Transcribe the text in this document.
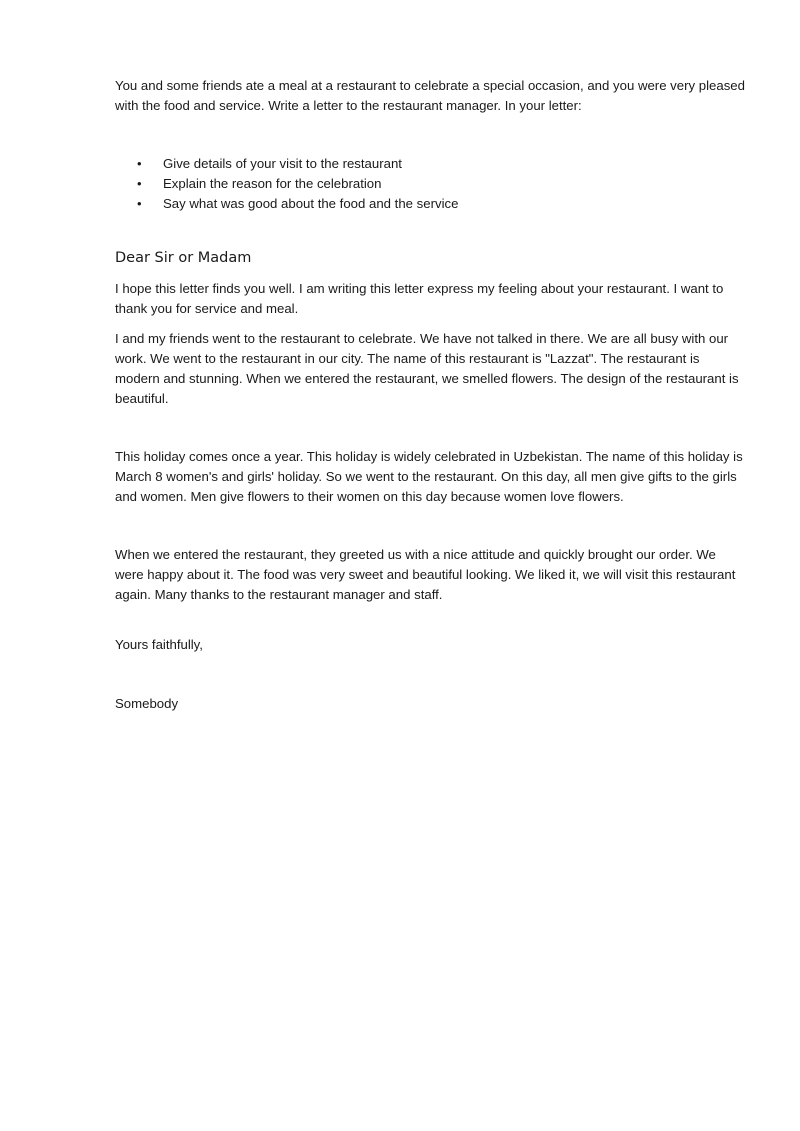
You and some friends ate a meal at a restaurant to celebrate a special occasion, and you were very pleased with the food and service. Write a letter to the restaurant manager. In your letter:

• Give details of your visit to the restaurant
• Explain the reason for the celebration
• Say what was good about the food and the service

Dear Sir or Madam

I hope this letter finds you well. I am writing this letter express my feeling about your restaurant. I want to thank you for service and meal.

I and my friends went to the restaurant to celebrate. We have not talked in there. We are all busy with our work. We went to the restaurant in our city. The name of this restaurant is "Lazzat". The restaurant is modern and stunning. When we entered the restaurant, we smelled flowers. The design of the restaurant is beautiful.

This holiday comes once a year. This holiday is widely celebrated in Uzbekistan. The name of this holiday is March 8 women's and girls' holiday. So we went to the restaurant. On this day, all men give gifts to the girls and women. Men give flowers to their women on this day because women love flowers.

When we entered the restaurant, they greeted us with a nice attitude and quickly brought our order. We were happy about it. The food was very sweet and beautiful looking. We liked it, we will visit this restaurant again. Many thanks to the restaurant manager and staff.

Yours faithfully,

Somebody
